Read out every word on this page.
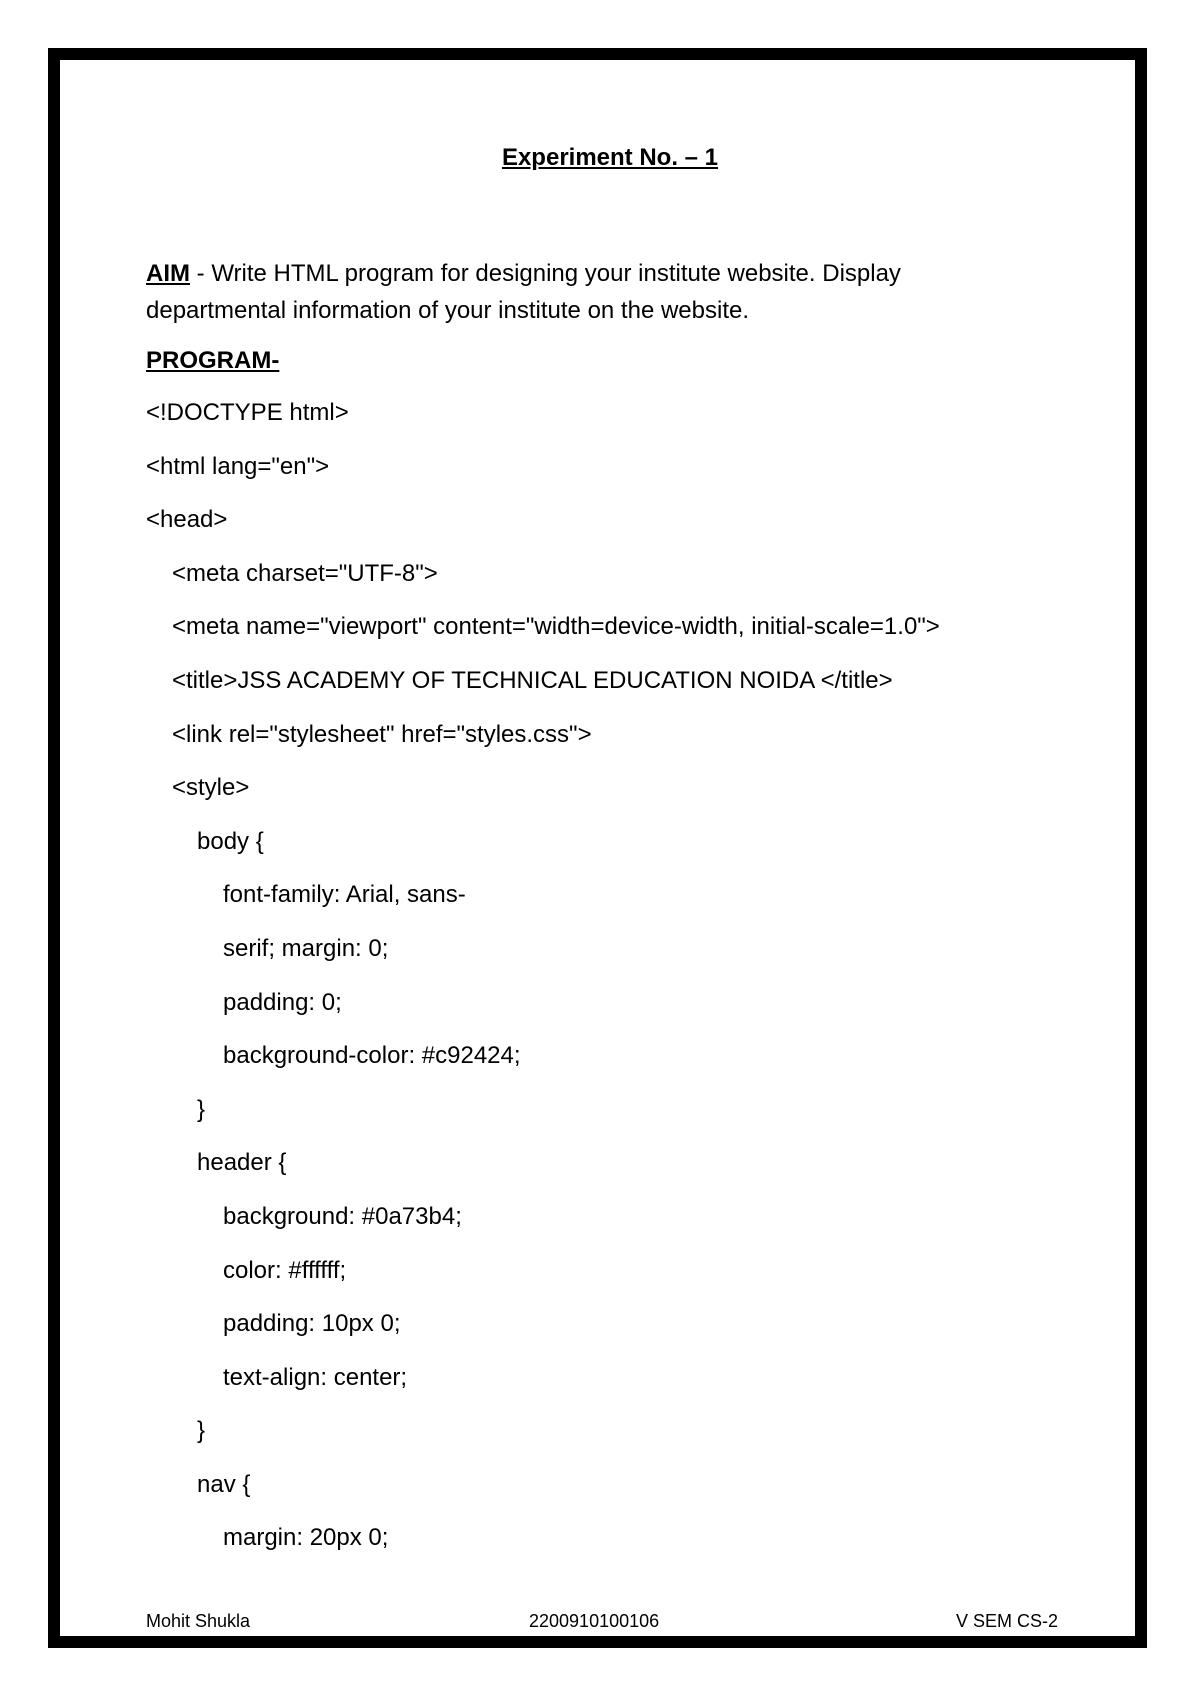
Experiment No. – 1
AIM - Write HTML program for designing your institute website. Display departmental information of your institute on the website.
PROGRAM-
<!DOCTYPE html>
<html lang="en">
<head>
<meta charset="UTF-8">
<meta name="viewport" content="width=device-width, initial-scale=1.0">
<title>JSS ACADEMY OF TECHNICAL EDUCATION NOIDA </title>
<link rel="stylesheet" href="styles.css">
<style>
body {
font-family: Arial, sans-
serif; margin: 0;
padding: 0;
background-color: #c92424;
}
header {
background: #0a73b4;
color: #ffffff;
padding: 10px 0;
text-align: center;
}
nav {
margin: 20px 0;
Mohit Shukla	2200910100106	V SEM CS-2
